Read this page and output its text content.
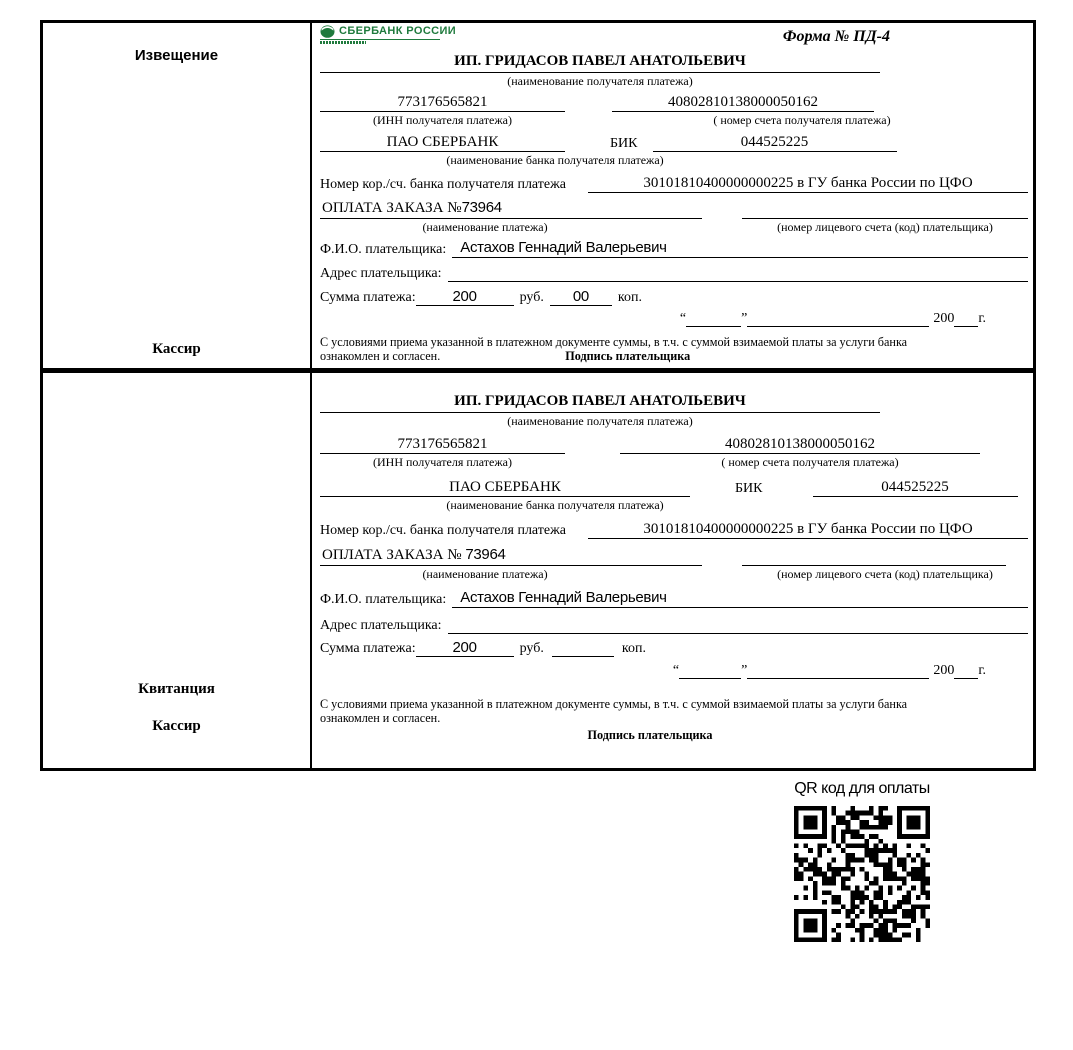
Извещение
Кассир
СБЕРБАНК РОССИИ	Форма № ПД-4
ИП. ГРИДАСОВ ПАВЕЛ АНАТОЛЬЕВИЧ
(наименование получателя платежа)
773176565821	40802810138000050162
(ИНН получателя платежа)	( номер счета получателя платежа)
ПАО СБЕРБАНК	БИК	044525225
(наименование банка получателя платежа)
Номер кор./сч. банка получателя платежа	30101810400000000225 в ГУ банка России по ЦФО
ОПЛАТА ЗАКАЗА №73964
(наименование платежа)	(номер лицевого счета (код) плательщика)
Ф.И.О. плательщика: Астахов Геннадий Валерьевич
Адрес плательщика:
Сумма платежа:	200	руб.	00	коп.
“	”	200 г.
С условиями приема указанной в платежном документе суммы, в т.ч. с суммой взимаемой платы за услуги банка
ознакомлен и согласен.	Подпись плательщика
Квитанция
Кассир
ИП. ГРИДАСОВ ПАВЕЛ АНАТОЛЬЕВИЧ
(наименование получателя платежа)
773176565821	40802810138000050162
(ИНН получателя платежа)	( номер счета получателя платежа)
ПАО СБЕРБАНК	БИК	044525225
(наименование банка получателя платежа)
Номер кор./сч. банка получателя платежа	30101810400000000225 в ГУ банка России по ЦФО
ОПЛАТА ЗАКАЗА № 73964
(наименование платежа)	(номер лицевого счета (код) плательщика)
Ф.И.О. плательщика: Астахов Геннадий Валерьевич
Адрес плательщика:
Сумма платежа:	200	руб.	коп.
“	”	200 г.
С условиями приема указанной в платежном документе суммы, в т.ч. с суммой взимаемой платы за услуги банка
ознакомлен и согласен.
Подпись плательщика
QR код для оплаты
